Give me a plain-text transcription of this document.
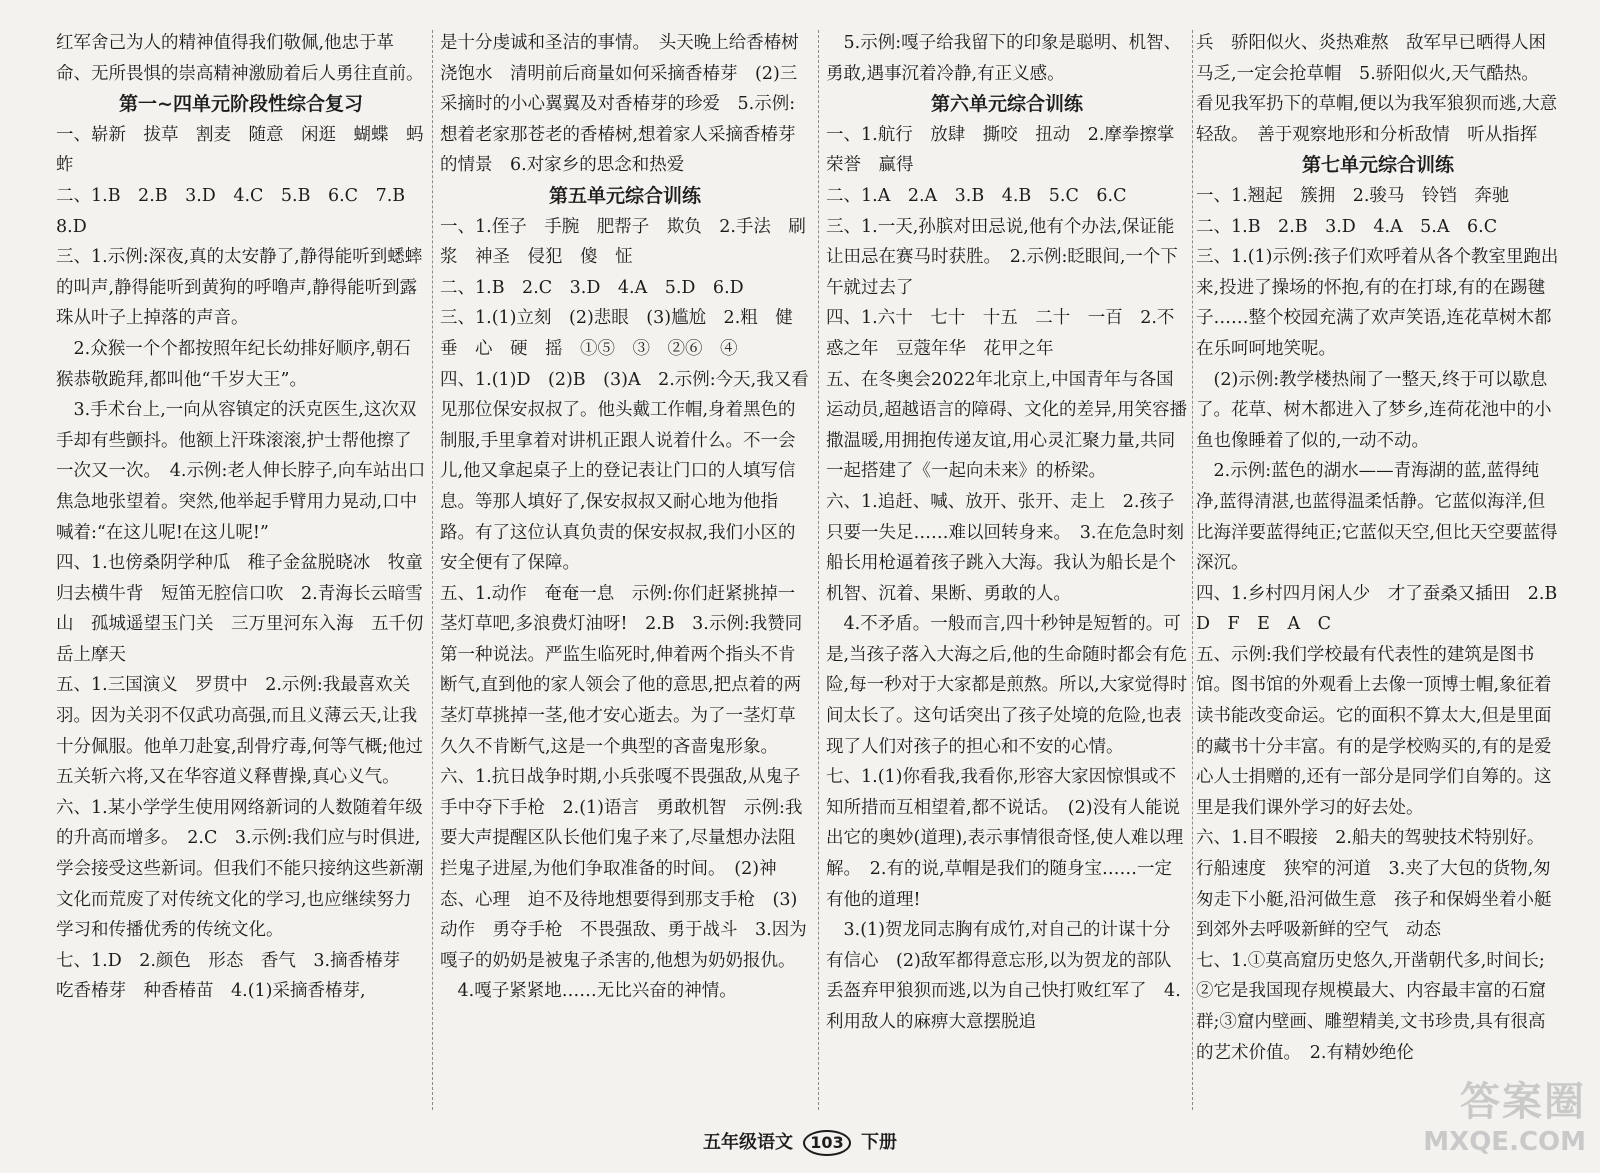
红军舍己为人的精神值得我们敬佩,他忠于革命、无所畏惧的崇高精神激励着后人勇往直前。
第一~四单元阶段性综合复习
一、崭新　拔草　割麦　随意　闲逛　蝴蝶　蚂蚱
二、1.B　2.B　3.D　4.C　5.B　6.C　7.B　8.D
三、1.示例:深夜,真的太安静了,静得能听到蟋蟀的叫声,静得能听到黄狗的呼噜声,静得能听到露珠从叶子上掉落的声音。
　2.众猴一个个都按照年纪长幼排好顺序,朝石猴恭敬跪拜,都叫他“千岁大王”。
　3.手术台上,一向从容镇定的沃克医生,这次双手却有些颤抖。他额上汗珠滚滚,护士帮他擦了一次又一次。　4.示例:老人伸长脖子,向车站出口焦急地张望着。突然,他举起手臂用力晃动,口中喊着:“在这儿呢!在这儿呢!”
四、1.也傍桑阴学种瓜　稚子金盆脱晓冰　牧童归去横牛背　短笛无腔信口吹　2.青海长云暗雪山　孤城遥望玉门关　三万里河东入海　五千仞岳上摩天
五、1.三国演义　罗贯中　2.示例:我最喜欢关羽。因为关羽不仅武功高强,而且义薄云天,让我十分佩服。他单刀赴宴,刮骨疗毒,何等气概;他过五关斩六将,又在华容道义释曹操,真心义气。
六、1.某小学学生使用网络新词的人数随着年级的升高而增多。　2.C　3.示例:我们应与时俱进,学会接受这些新词。但我们不能只接纳这些新潮文化而荒废了对传统文化的学习,也应继续努力学习和传播优秀的传统文化。
七、1.D　2.颜色　形态　香气　3.摘香椿芽　吃香椿芽　种香椿苗　4.(1)采摘香椿芽,
是十分虔诚和圣洁的事情。　头天晚上给香椿树浇饱水　清明前后商量如何采摘香椿芽　(2)三　采摘时的小心翼翼及对香椿芽的珍爱　5.示例:想着老家那苍老的香椿树,想着家人采摘香椿芽的情景　6.对家乡的思念和热爱
第五单元综合训练
一、1.侄子　手腕　肥帮子　欺负　2.手法　刷浆　神圣　侵犯　傻　怔
二、1.B　2.C　3.D　4.A　5.D　6.D
三、1.(1)立刻　(2)悲眼　(3)尴尬　2.粗　健　垂　心　硬　摇　①⑤　③　②⑥　④
四、1.(1)D　(2)B　(3)A　2.示例:今天,我又看见那位保安叔叔了。他头戴工作帽,身着黑色的制服,手里拿着对讲机正跟人说着什么。不一会儿,他又拿起桌子上的登记表让门口的人填写信息。等那人填好了,保安叔叔又耐心地为他指路。有了这位认真负责的保安叔叔,我们小区的安全便有了保障。
五、1.动作　奄奄一息　示例:你们赶紧挑掉一茎灯草吧,多浪费灯油呀!　2.B　3.示例:我赞同第一种说法。严监生临死时,伸着两个指头不肯断气,直到他的家人领会了他的意思,把点着的两茎灯草挑掉一茎,他才安心逝去。为了一茎灯草久久不肯断气,这是一个典型的吝啬鬼形象。
六、1.抗日战争时期,小兵张嘎不畏强敌,从鬼子手中夺下手枪　2.(1)语言　勇敢机智　示例:我要大声提醒区队长他们鬼子来了,尽量想办法阻拦鬼子进屋,为他们争取准备的时间。　(2)神态、心理　迫不及待地想要得到那支手枪　(3)动作　勇夺手枪　不畏强敌、勇于战斗　3.因为嘎子的奶奶是被鬼子杀害的,他想为奶奶报仇。
　4.嘎子紧紧地……无比兴奋的神情。
　5.示例:嘎子给我留下的印象是聪明、机智、勇敢,遇事沉着冷静,有正义感。
第六单元综合训练
一、1.航行　放肆　撕咬　扭动　2.摩拳擦掌　荣誉　赢得
二、1.A　2.A　3.B　4.B　5.C　6.C
三、1.一天,孙膑对田忌说,他有个办法,保证能让田忌在赛马时获胜。　2.示例:眨眼间,一个下午就过去了
四、1.六十　七十　十五　二十　一百　2.不惑之年　豆蔻年华　花甲之年
五、在冬奥会2022年北京上,中国青年与各国运动员,超越语言的障碍、文化的差异,用笑容播撒温暖,用拥抱传递友谊,用心灵汇聚力量,共同一起搭建了《一起向未来》的桥梁。
六、1.追赶、喊、放开、张开、走上　2.孩子只要一失足……难以回转身来。　3.在危急时刻船长用枪逼着孩子跳入大海。我认为船长是个机智、沉着、果断、勇敢的人。
　4.不矛盾。一般而言,四十秒钟是短暂的。可是,当孩子落入大海之后,他的生命随时都会有危险,每一秒对于大家都是煎熬。所以,大家觉得时间太长了。这句话突出了孩子处境的危险,也表现了人们对孩子的担心和不安的心情。
七、1.(1)你看我,我看你,形容大家因惊惧或不知所措而互相望着,都不说话。　(2)没有人能说出它的奥妙(道理),表示事情很奇怪,使人难以理解。　2.有的说,草帽是我们的随身宝……一定有他的道理!
　3.(1)贺龙同志胸有成竹,对自己的计谋十分有信心　(2)敌军都得意忘形,以为贺龙的部队丢盔弃甲狼狈而逃,以为自己快打败红军了　4.利用敌人的麻痹大意摆脱追
兵　骄阳似火、炎热难熬　敌军早已晒得人困马乏,一定会抢草帽　5.骄阳似火,天气酷热。　看见我军扔下的草帽,便以为我军狼狈而逃,大意轻敌。　善于观察地形和分析敌情　听从指挥
第七单元综合训练
一、1.翘起　簇拥　2.骏马　铃铛　奔驰
二、1.B　2.B　3.D　4.A　5.A　6.C
三、1.(1)示例:孩子们欢呼着从各个教室里跑出来,投进了操场的怀抱,有的在打球,有的在踢毽子……整个校园充满了欢声笑语,连花草树木都在乐呵呵地笑呢。
　(2)示例:教学楼热闹了一整天,终于可以歇息了。花草、树木都进入了梦乡,连荷花池中的小鱼也像睡着了似的,一动不动。
　2.示例:蓝色的湖水——青海湖的蓝,蓝得纯净,蓝得清湛,也蓝得温柔恬静。它蓝似海洋,但比海洋要蓝得纯正;它蓝似天空,但比天空要蓝得深沉。
四、1.乡村四月闲人少　才了蚕桑又插田　2.B　D　F　E　A　C
五、示例:我们学校最有代表性的建筑是图书馆。图书馆的外观看上去像一顶博士帽,象征着读书能改变命运。它的面积不算太大,但是里面的藏书十分丰富。有的是学校购买的,有的是爱心人士捐赠的,还有一部分是同学们自筹的。这里是我们课外学习的好去处。
六、1.目不暇接　2.船夫的驾驶技术特别好。　行船速度　狭窄的河道　3.夹了大包的货物,匆匆走下小艇,沿河做生意　孩子和保姆坐着小艇到郊外去呼吸新鲜的空气　动态
七、1.①莫高窟历史悠久,开凿朝代多,时间长;②它是我国现存规模最大、内容最丰富的石窟群;③窟内壁画、雕塑精美,文书珍贵,具有很高的艺术价值。　2.有精妙绝伦
五年级语文 103 下册
答案圈
MXQE.COM
